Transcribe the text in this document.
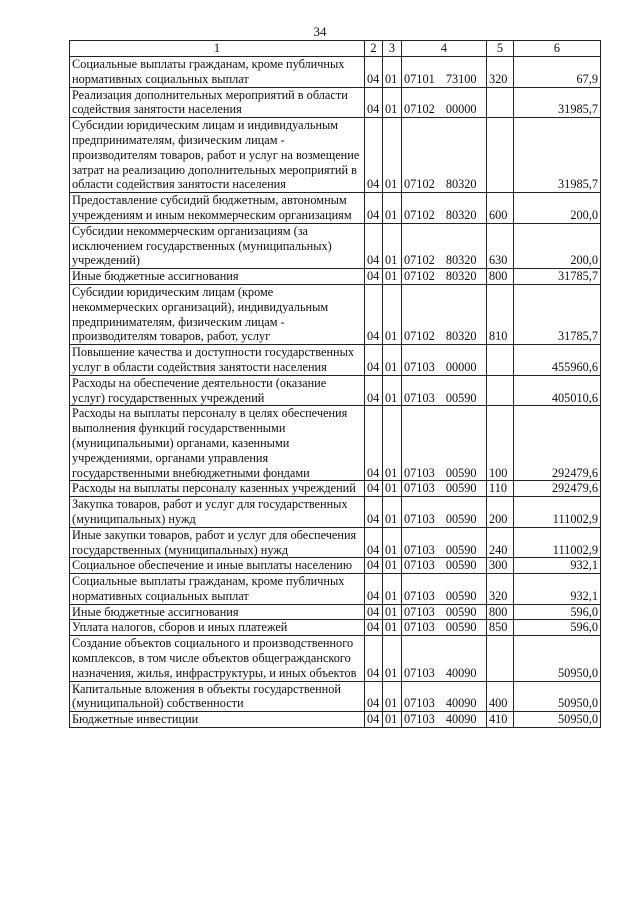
34
1	2	3	4	5	6
Социальные выплаты гражданам, кроме публичных нормативных социальных выплат	04	01	07101 73100	320	67,9
Реализация дополнительных мероприятий в области содействия занятости населения	04	01	07102 00000		31985,7
Субсидии юридическим лицам и индивидуальным предпринимателям, физическим лицам - производителям товаров, работ и услуг на возмещение затрат на реализацию дополнительных мероприятий в области содействия занятости населения	04	01	07102 80320		31985,7
Предоставление субсидий бюджетным, автономным учреждениям и иным некоммерческим организациям	04	01	07102 80320	600	200,0
Субсидии некоммерческим организациям (за исключением государственных (муниципальных) учреждений)	04	01	07102 80320	630	200,0
Иные бюджетные ассигнования	04	01	07102 80320	800	31785,7
Субсидии юридическим лицам (кроме некоммерческих организаций), индивидуальным предпринимателям, физическим лицам - производителям товаров, работ, услуг	04	01	07102 80320	810	31785,7
Повышение качества и доступности государственных услуг в области содействия занятости населения	04	01	07103 00000		455960,6
Расходы на обеспечение деятельности (оказание услуг) государственных учреждений	04	01	07103 00590		405010,6
Расходы на выплаты персоналу в целях обеспечения выполнения функций государственными (муниципальными) органами, казенными учреждениями, органами управления государственными внебюджетными фондами	04	01	07103 00590	100	292479,6
Расходы на выплаты персоналу казенных учреждений	04	01	07103 00590	110	292479,6
Закупка товаров, работ и услуг для государственных (муниципальных) нужд	04	01	07103 00590	200	111002,9
Иные закупки товаров, работ и услуг для обеспечения государственных (муниципальных) нужд	04	01	07103 00590	240	111002,9
Социальное обеспечение и иные выплаты населению	04	01	07103 00590	300	932,1
Социальные выплаты гражданам, кроме публичных нормативных социальных выплат	04	01	07103 00590	320	932,1
Иные бюджетные ассигнования	04	01	07103 00590	800	596,0
Уплата налогов, сборов и иных платежей	04	01	07103 00590	850	596,0
Создание объектов социального и производственного комплексов, в том числе объектов общегражданского назначения, жилья, инфраструктуры, и иных объектов	04	01	07103 40090		50950,0
Капитальные вложения в объекты государственной (муниципальной) собственности	04	01	07103 40090	400	50950,0
Бюджетные инвестиции	04	01	07103 40090	410	50950,0
